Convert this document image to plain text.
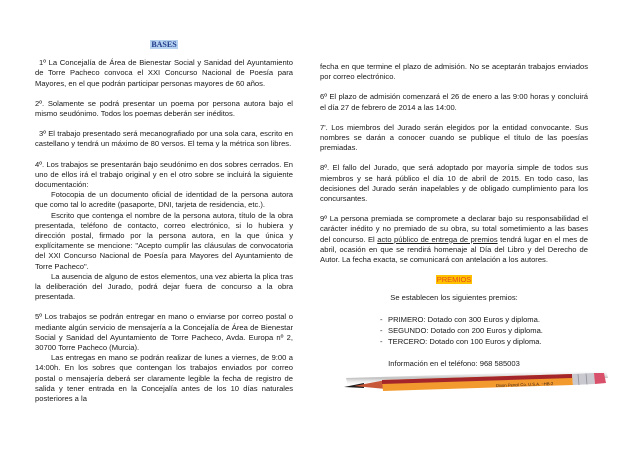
BASES

1º La Concejalía de Área de Bienestar Social y Sanidad del Ayuntamiento de Torre Pacheco convoca el XXI Concurso Nacional de Poesía para Mayores, en el que podrán participar personas mayores de 60 años.

2º. Solamente se podrá presentar un poema por persona autora bajo el mismo seudónimo. Todos los poemas deberán ser inéditos.

3º El trabajo presentado será mecanografiado por una sola cara, escrito en castellano y tendrá un máximo de 80 versos. El tema y la métrica son libres.

4º. Los trabajos se presentarán bajo seudónimo en dos sobres cerrados. En uno de ellos irá el trabajo original y en el otro sobre se incluirá la siguiente documentación:

Fotocopia de un documento oficial de identidad de la persona autora que como tal lo acredite (pasaporte, DNI, tarjeta de residencia, etc.).

Escrito que contenga el nombre de la persona autora, título de la obra presentada, teléfono de contacto, correo electrónico, si lo hubiera y dirección postal, firmado por la persona autora, en la que única y explícitamente se mencione: "Acepto cumplir las cláusulas de convocatoria del XXI Concurso Nacional de Poesía para Mayores del Ayuntamiento de Torre Pacheco".

La ausencia de alguno de estos elementos, una vez abierta la plica tras la deliberación del Jurado, podrá dejar fuera de concurso a la obra presentada.

5º Los trabajos se podrán entregar en mano o enviarse por correo postal o mediante algún servicio de mensajería a la Concejalía de Área de Bienestar Social y Sanidad del Ayuntamiento de Torre Pacheco, Avda. Europa nº 2, 30700 Torre Pacheco (Murcia).

Las entregas en mano se podrán realizar de lunes a viernes, de 9:00 a 14:00h. En los sobres que contengan los trabajos enviados por correo postal o mensajería deberá ser claramente legible la fecha de registro de salida y tener entrada en la Concejalía antes de los 10 días naturales posteriores a la

fecha en que termine el plazo de admisión. No se aceptarán trabajos enviados por correo electrónico.

6º El plazo de admisión comenzará el 26 de enero a las 9:00 horas y concluirá el día 27 de febrero de 2014 a las 14:00.

7'. Los miembros del Jurado serán elegidos por la entidad convocante. Sus nombres se darán a conocer cuando se publique el título de las poesías premiadas.

8º. El fallo del Jurado, que será adoptado por mayoría simple de todos sus miembros y se hará público el día 10 de abril de 2015. En todo caso, las decisiones del Jurado serán inapelables y de obligado cumplimiento para los concursantes.

9º La persona premiada se compromete a declarar bajo su responsabilidad el carácter inédito y no premiado de su obra, su total sometimiento a las bases del concurso. El acto público de entrega de premios tendrá lugar en el mes de abril, ocasión en que se rendirá homenaje al Día del Libro y del Derecho de Autor. La fecha exacta, se comunicará con antelación a los autores.

PREMIOS

Se establecen los siguientes premios:

- PRIMERO: Dotado con 300 Euros y diploma.
- SEGUNDO: Dotado con 200 Euros y diploma.
- TERCERO: Dotado con 100 Euros y diploma.

Información en el teléfono: 968 585003

Dixon Pencil Co. U.S.A. ~HB-2
